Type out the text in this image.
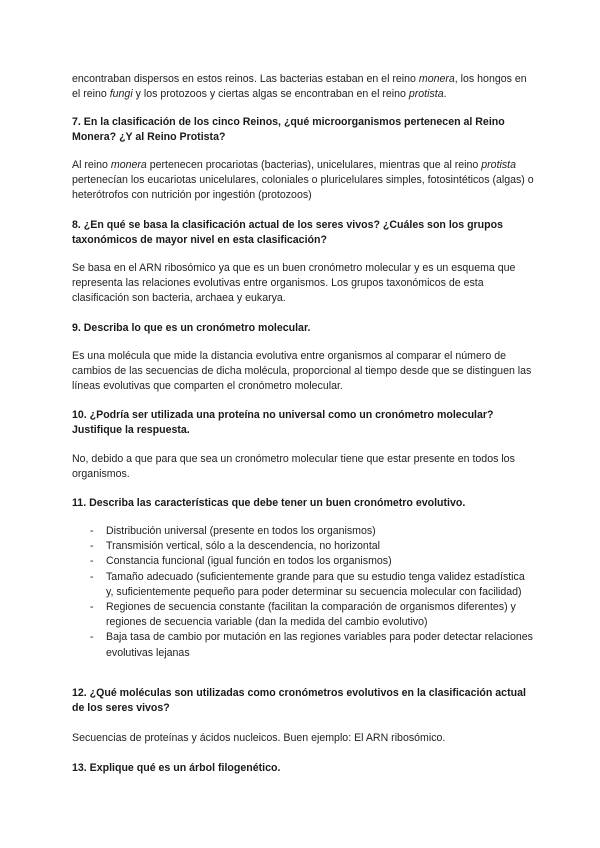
encontraban dispersos en estos reinos. Las bacterias estaban en el reino monera, los hongos en el reino fungi y los protozoos y ciertas algas se encontraban en el reino protista.

7. En la clasificación de los cinco Reinos, ¿qué microorganismos pertenecen al Reino Monera? ¿Y al Reino Protista?

Al reino monera pertenecen procariotas (bacterias), unicelulares, mientras que al reino protista pertenecían los eucariotas unicelulares, coloniales o pluricelulares simples, fotosintéticos (algas) o heterótrofos con nutrición por ingestión (protozoos)

8. ¿En qué se basa la clasificación actual de los seres vivos? ¿Cuáles son los grupos taxonómicos de mayor nivel en esta clasificación?

Se basa en el ARN ribosómico ya que es un buen cronómetro molecular y es un esquema que representa las relaciones evolutivas entre organismos. Los grupos taxonómicos de esta clasificación son bacteria, archaea y eukarya.

9. Describa lo que es un cronómetro molecular.

Es una molécula que mide la distancia evolutiva entre organismos al comparar el número de cambios de las secuencias de dicha molécula, proporcional al tiempo desde que se distinguen las líneas evolutivas que comparten el cronómetro molecular.

10. ¿Podría ser utilizada una proteína no universal como un cronómetro molecular? Justifique la respuesta.

No, debido a que para que sea un cronómetro molecular tiene que estar presente en todos los organismos.

11. Describa las características que debe tener un buen cronómetro evolutivo.

- Distribución universal (presente en todos los organismos)
- Transmisión vertical, sólo a la descendencia, no horizontal
- Constancia funcional (igual función en todos los organismos)
- Tamaño adecuado (suficientemente grande para que su estudio tenga validez estadística y, suficientemente pequeño para poder determinar su secuencia molecular con facilidad)
- Regiones de secuencia constante (facilitan la comparación de organismos diferentes) y regiones de secuencia variable (dan la medida del cambio evolutivo)
- Baja tasa de cambio por mutación en las regiones variables para poder detectar relaciones evolutivas lejanas

12. ¿Qué moléculas son utilizadas como cronómetros evolutivos en la clasificación actual de los seres vivos?

Secuencias de proteínas y ácidos nucleicos. Buen ejemplo: El ARN ribosómico.

13. Explique qué es un árbol filogenético.
